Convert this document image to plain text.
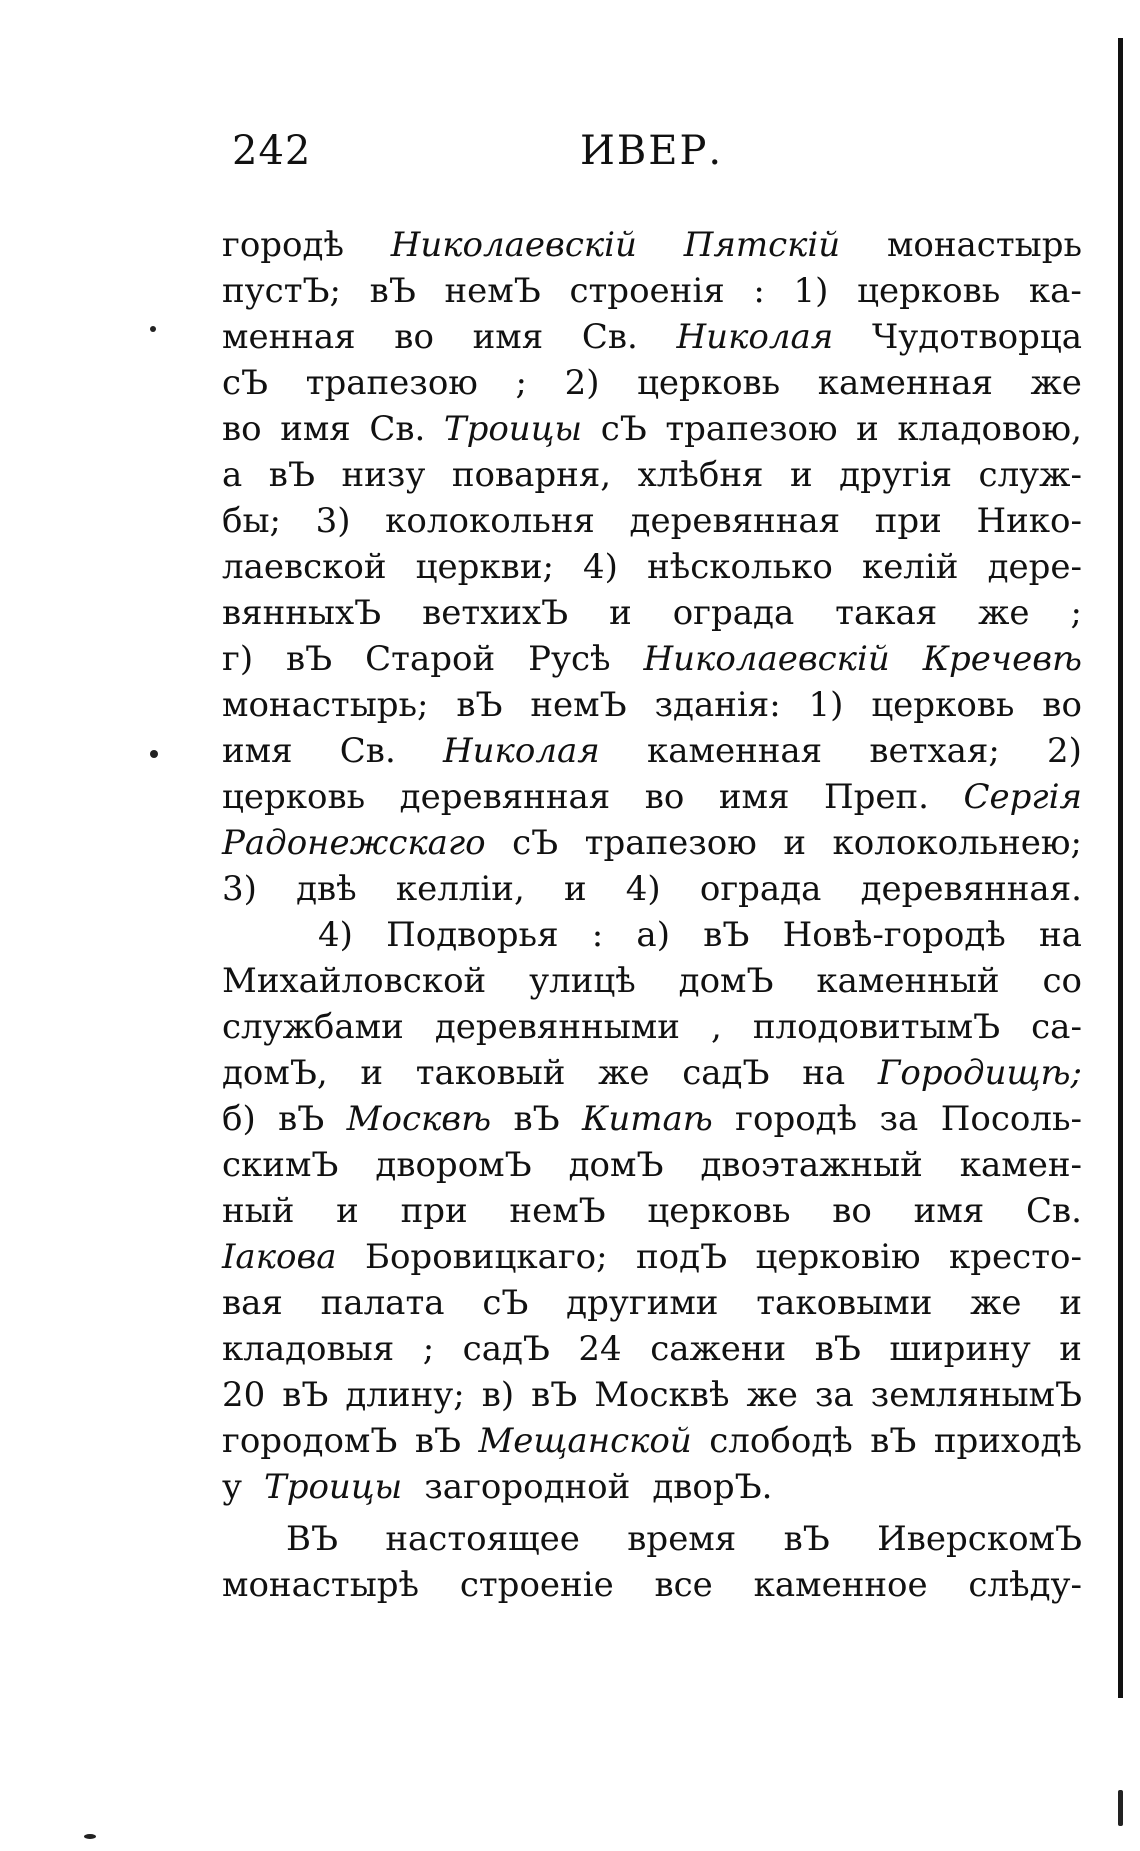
242	ИВЕР.
городѣ Николаевскій Пятскій монастырь
пустЪ; вЪ немЪ строенія : 1) церковь ка-
менная во имя Св. Николая Чудотворца
сЪ трапезою ; 2) церковь каменная же
во имя Св. Троицы сЪ трапезою и кладовою,
а вЪ низу поварня, хлѣбня и другія служ-
бы; 3) колокольня деревянная при Нико-
лаевской церкви; 4) нѣсколько келій дере-
вянныхЪ ветхихЪ и ограда такая же ;
г) вЪ Старой Русѣ Николаевскій Кречевѣ
монастырь; вЪ немЪ зданія: 1) церковь во
имя Св. Николая каменная ветхая; 2)
церковь деревянная во имя Преп. Сергія
Радонежскаго сЪ трапезою и колокольнею;
3) двѣ келліи, и 4) ограда деревянная.
4) Подворья : а) вЪ Новѣ-городѣ на
Михайловской улицѣ домЪ каменный со
службами деревянными , плодовитымЪ са-
домЪ, и таковый же садЪ на Городищѣ;
б) вЪ Москвѣ вЪ Китаѣ городѣ за Посоль-
скимЪ дворомЪ домЪ двоэтажный камен-
ный и при немЪ церковь во имя Св.
Іакова Боровицкаго; подЪ церковію кресто-
вая палата сЪ другими таковыми же и
кладовыя ; садЪ 24 сажени вЪ ширину и
20 вЪ длину; в) вЪ Москвѣ же за землянымЪ
городомЪ вЪ Мещанской слободѣ вЪ приходѣ
у Троицы загородной дворЪ.
ВЪ настоящее время вЪ ИверскомЪ
монастырѣ строеніе все каменное слѣду-
